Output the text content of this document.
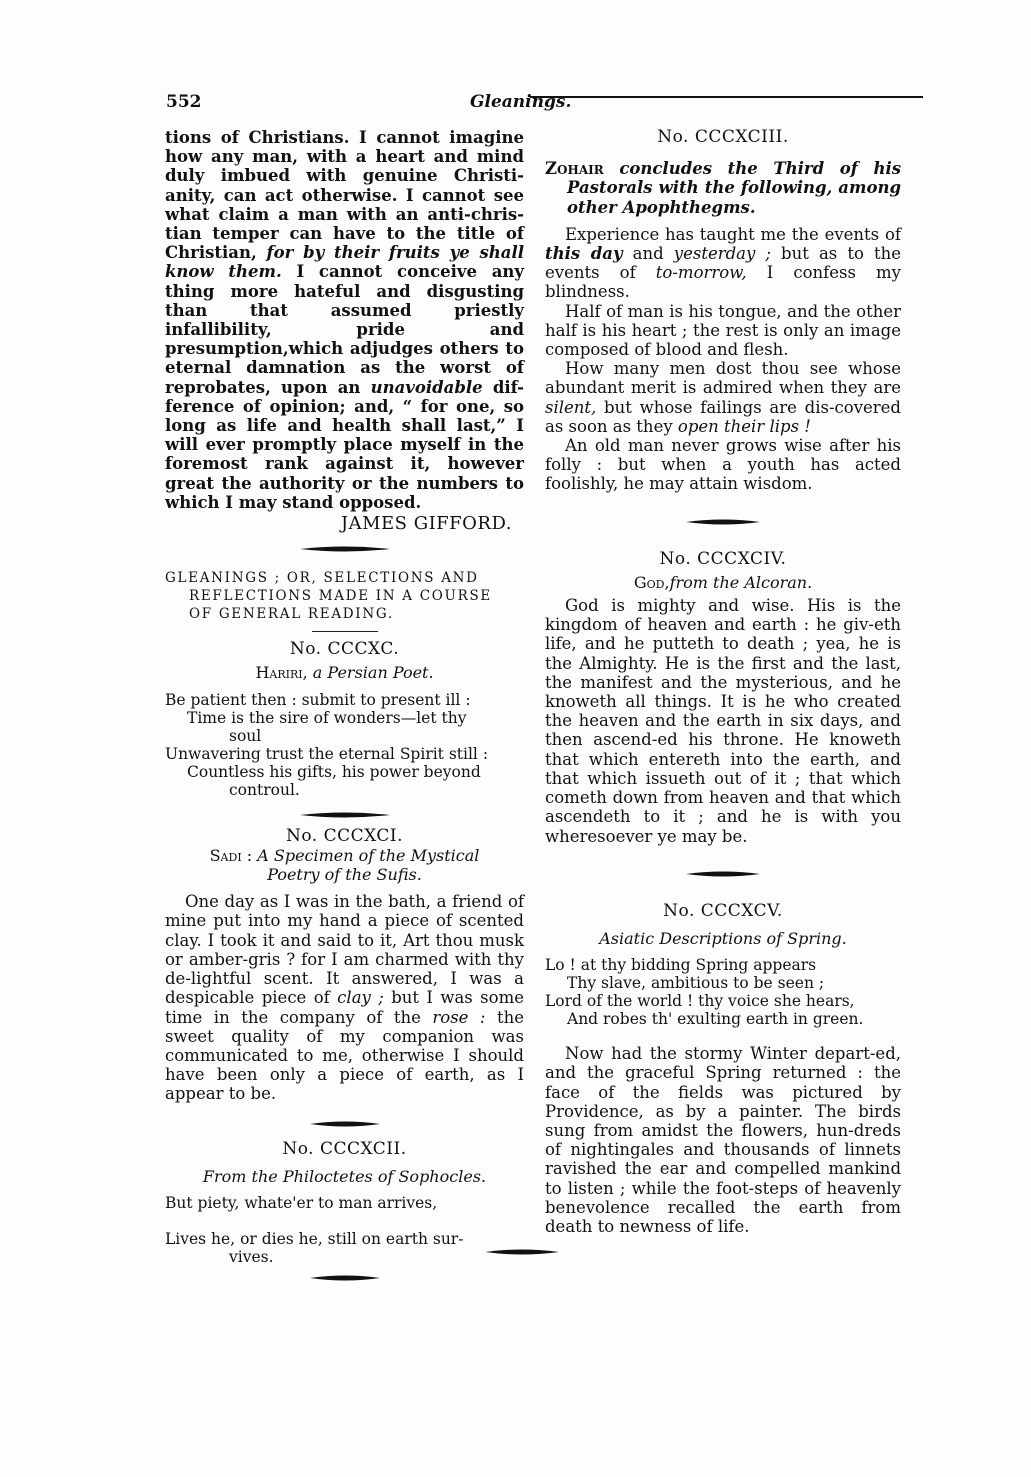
552	Gleanings.

tions of Christians. I cannot imagine how any man, with a heart and mind duly imbued with genuine Christi-anity, can act otherwise. I cannot see what claim a man with an anti-chris-tian temper can have to the title of Christian, for by their fruits ye shall know them. I cannot conceive any thing more hateful and disgusting than that assumed priestly infallibility, pride and presumption,which adjudges others to eternal damnation as the worst of reprobates, upon an unavoidable dif-ference of opinion; and, “ for one, so long as life and health shall last,” I will ever promptly place myself in the foremost rank against it, however great the authority or the numbers to which I may stand opposed.

JAMES GIFFORD.
GLEANINGS ; OR, SELECTIONS AND
REFLECTIONS MADE IN A COURSE
OF GENERAL READING.
No. CCCXC.
Hariri, a Persian Poet.
Be patient then : submit to present ill :
Time is the sire of wonders—let thy
soul
Unwavering trust the eternal Spirit still :
Countless his gifts, his power beyond
controul.
No. CCCXCI.
Sadi : A Specimen of the Mystical
Poetry of the Sufis.

One day as I was in the bath, a friend of mine put into my hand a piece of scented clay. I took it and said to it, Art thou musk or amber-gris ? for I am charmed with thy de-lightful scent. It answered, I was a despicable piece of clay ; but I was some time in the company of the rose : the sweet quality of my companion was communicated to me, otherwise I should have been only a piece of earth, as I appear to be.

No. CCCXCII.
From the Philoctetes of Sophocles.
But piety, whate'er to man arrives,

Lives he, or dies he, still on earth sur-
vives.
No. CCCXCIII.

Zohair concludes the Third of his Pastorals with the following, among other Apophthegms.

Experience has taught me the events of this day and yesterday ; but as to the events of to-morrow, I confess my blindness.

Half of man is his tongue, and the other half is his heart ; the rest is only an image composed of blood and flesh.

How many men dost thou see whose abundant merit is admired when they are silent, but whose failings are dis-covered as soon as they open their lips !

An old man never grows wise after his folly : but when a youth has acted foolishly, he may attain wisdom.

No. CCCXCIV.
God,from the Alcoran.

God is mighty and wise. His is the kingdom of heaven and earth : he giv-eth life, and he putteth to death ; yea, he is the Almighty. He is the first and the last, the manifest and the mysterious, and he knoweth all things. It is he who created the heaven and the earth in six days, and then ascend-ed his throne. He knoweth that which entereth into the earth, and that which issueth out of it ; that which cometh down from heaven and that which ascendeth to it ; and he is with you wheresoever ye may be.

No. CCCXCV.
Asiatic Descriptions of Spring.
Lo ! at thy bidding Spring appears
Thy slave, ambitious to be seen ;
Lord of the world ! thy voice she hears,
And robes th' exulting earth in green.

Now had the stormy Winter depart-ed, and the graceful Spring returned : the face of the fields was pictured by Providence, as by a painter. The birds sung from amidst the flowers, hun-dreds of nightingales and thousands of linnets ravished the ear and compelled mankind to listen ; while the foot-steps of heavenly benevolence recalled the earth from death to newness of life.
